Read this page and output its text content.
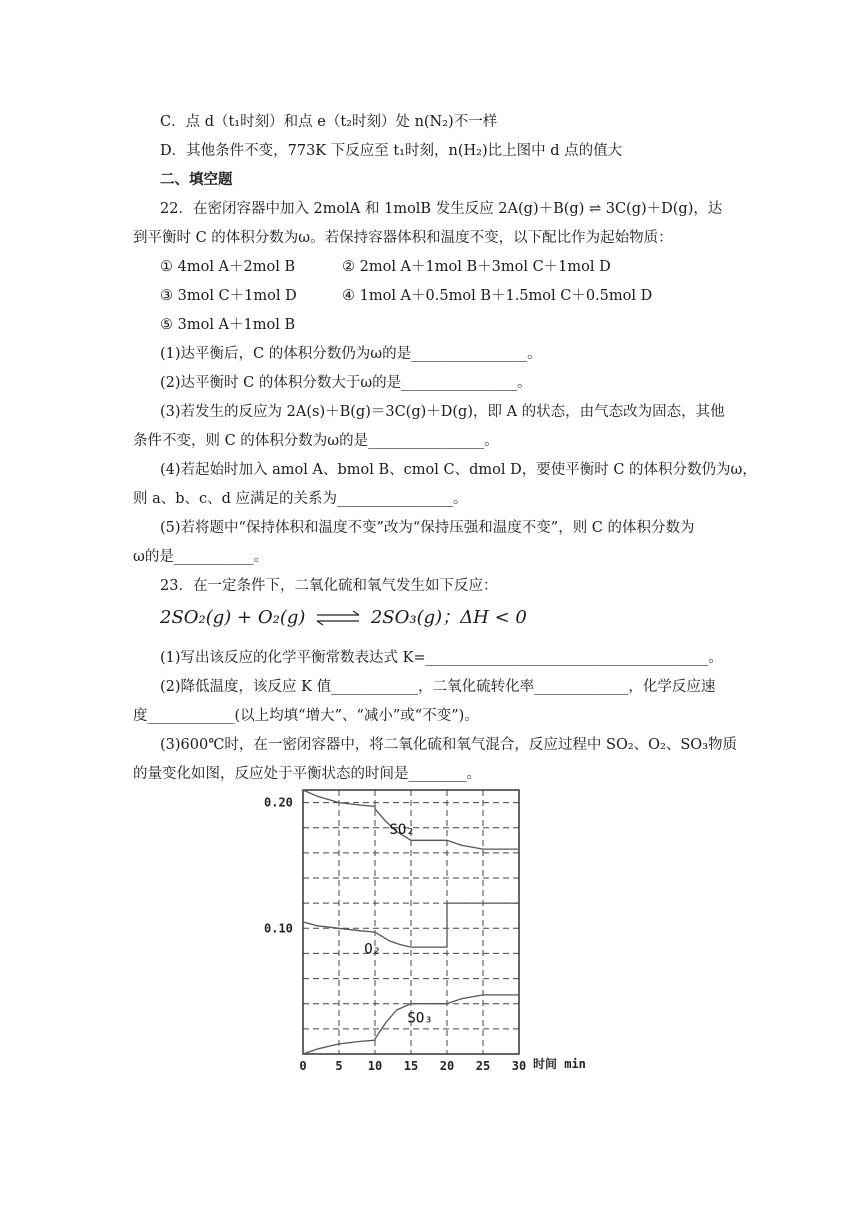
C．点 d（t₁时刻）和点 e（t₂时刻）处 n(N₂)不一样
D．其他条件不变，773K 下反应至 t₁时刻，n(H₂)比上图中 d 点的值大
二、填空题
22．在密闭容器中加入 2molA 和 1molB 发生反应 2A(g)＋B(g) ⇌ 3C(g)＋D(g)，达
到平衡时 C 的体积分数为ω。若保持容器体积和温度不变，以下配比作为起始物质：
① 4mol A＋2mol B	② 2mol A＋1mol B＋3mol C＋1mol D
③ 3mol C＋1mol D	④ 1mol A＋0.5mol B＋1.5mol C＋0.5mol D
⑤ 3mol A＋1mol B
(1)达平衡后，C 的体积分数仍为ω的是________________。
(2)达平衡时 C 的体积分数大于ω的是________________。
(3)若发生的反应为 2A(s)＋B(g)＝3C(g)＋D(g)，即 A 的状态，由气态改为固态，其他
条件不变，则 C 的体积分数为ω的是________________。
(4)若起始时加入 amol A、bmol B、cmol C、dmol D，要使平衡时 C 的体积分数仍为ω，
则 a、b、c、d 应满足的关系为________________。
(5)若将题中“保持体积和温度不变”改为“保持压强和温度不变”，则 C 的体积分数为
ω的是___________。
23．在一定条件下，二氧化硫和氧气发生如下反应：
2SO₂(g) + O₂(g) ⇌ 2SO₃(g)；ΔH < 0
(1)写出该反应的化学平衡常数表达式 K=_______________________________________。
(2)降低温度，该反应 K 值____________，二氧化硫转化率_____________，化学反应速
度____________(以上均填“增大”、“减小”或“不变”)。
(3)600℃时，在一密闭容器中，将二氧化硫和氧气混合，反应过程中 SO₂、O₂、SO₃物质
的量变化如图，反应处于平衡状态的时间是________。
0.20
0.10
0 5 10 15 20 25 30 时间 min
SO₂
O₂
SO₃
